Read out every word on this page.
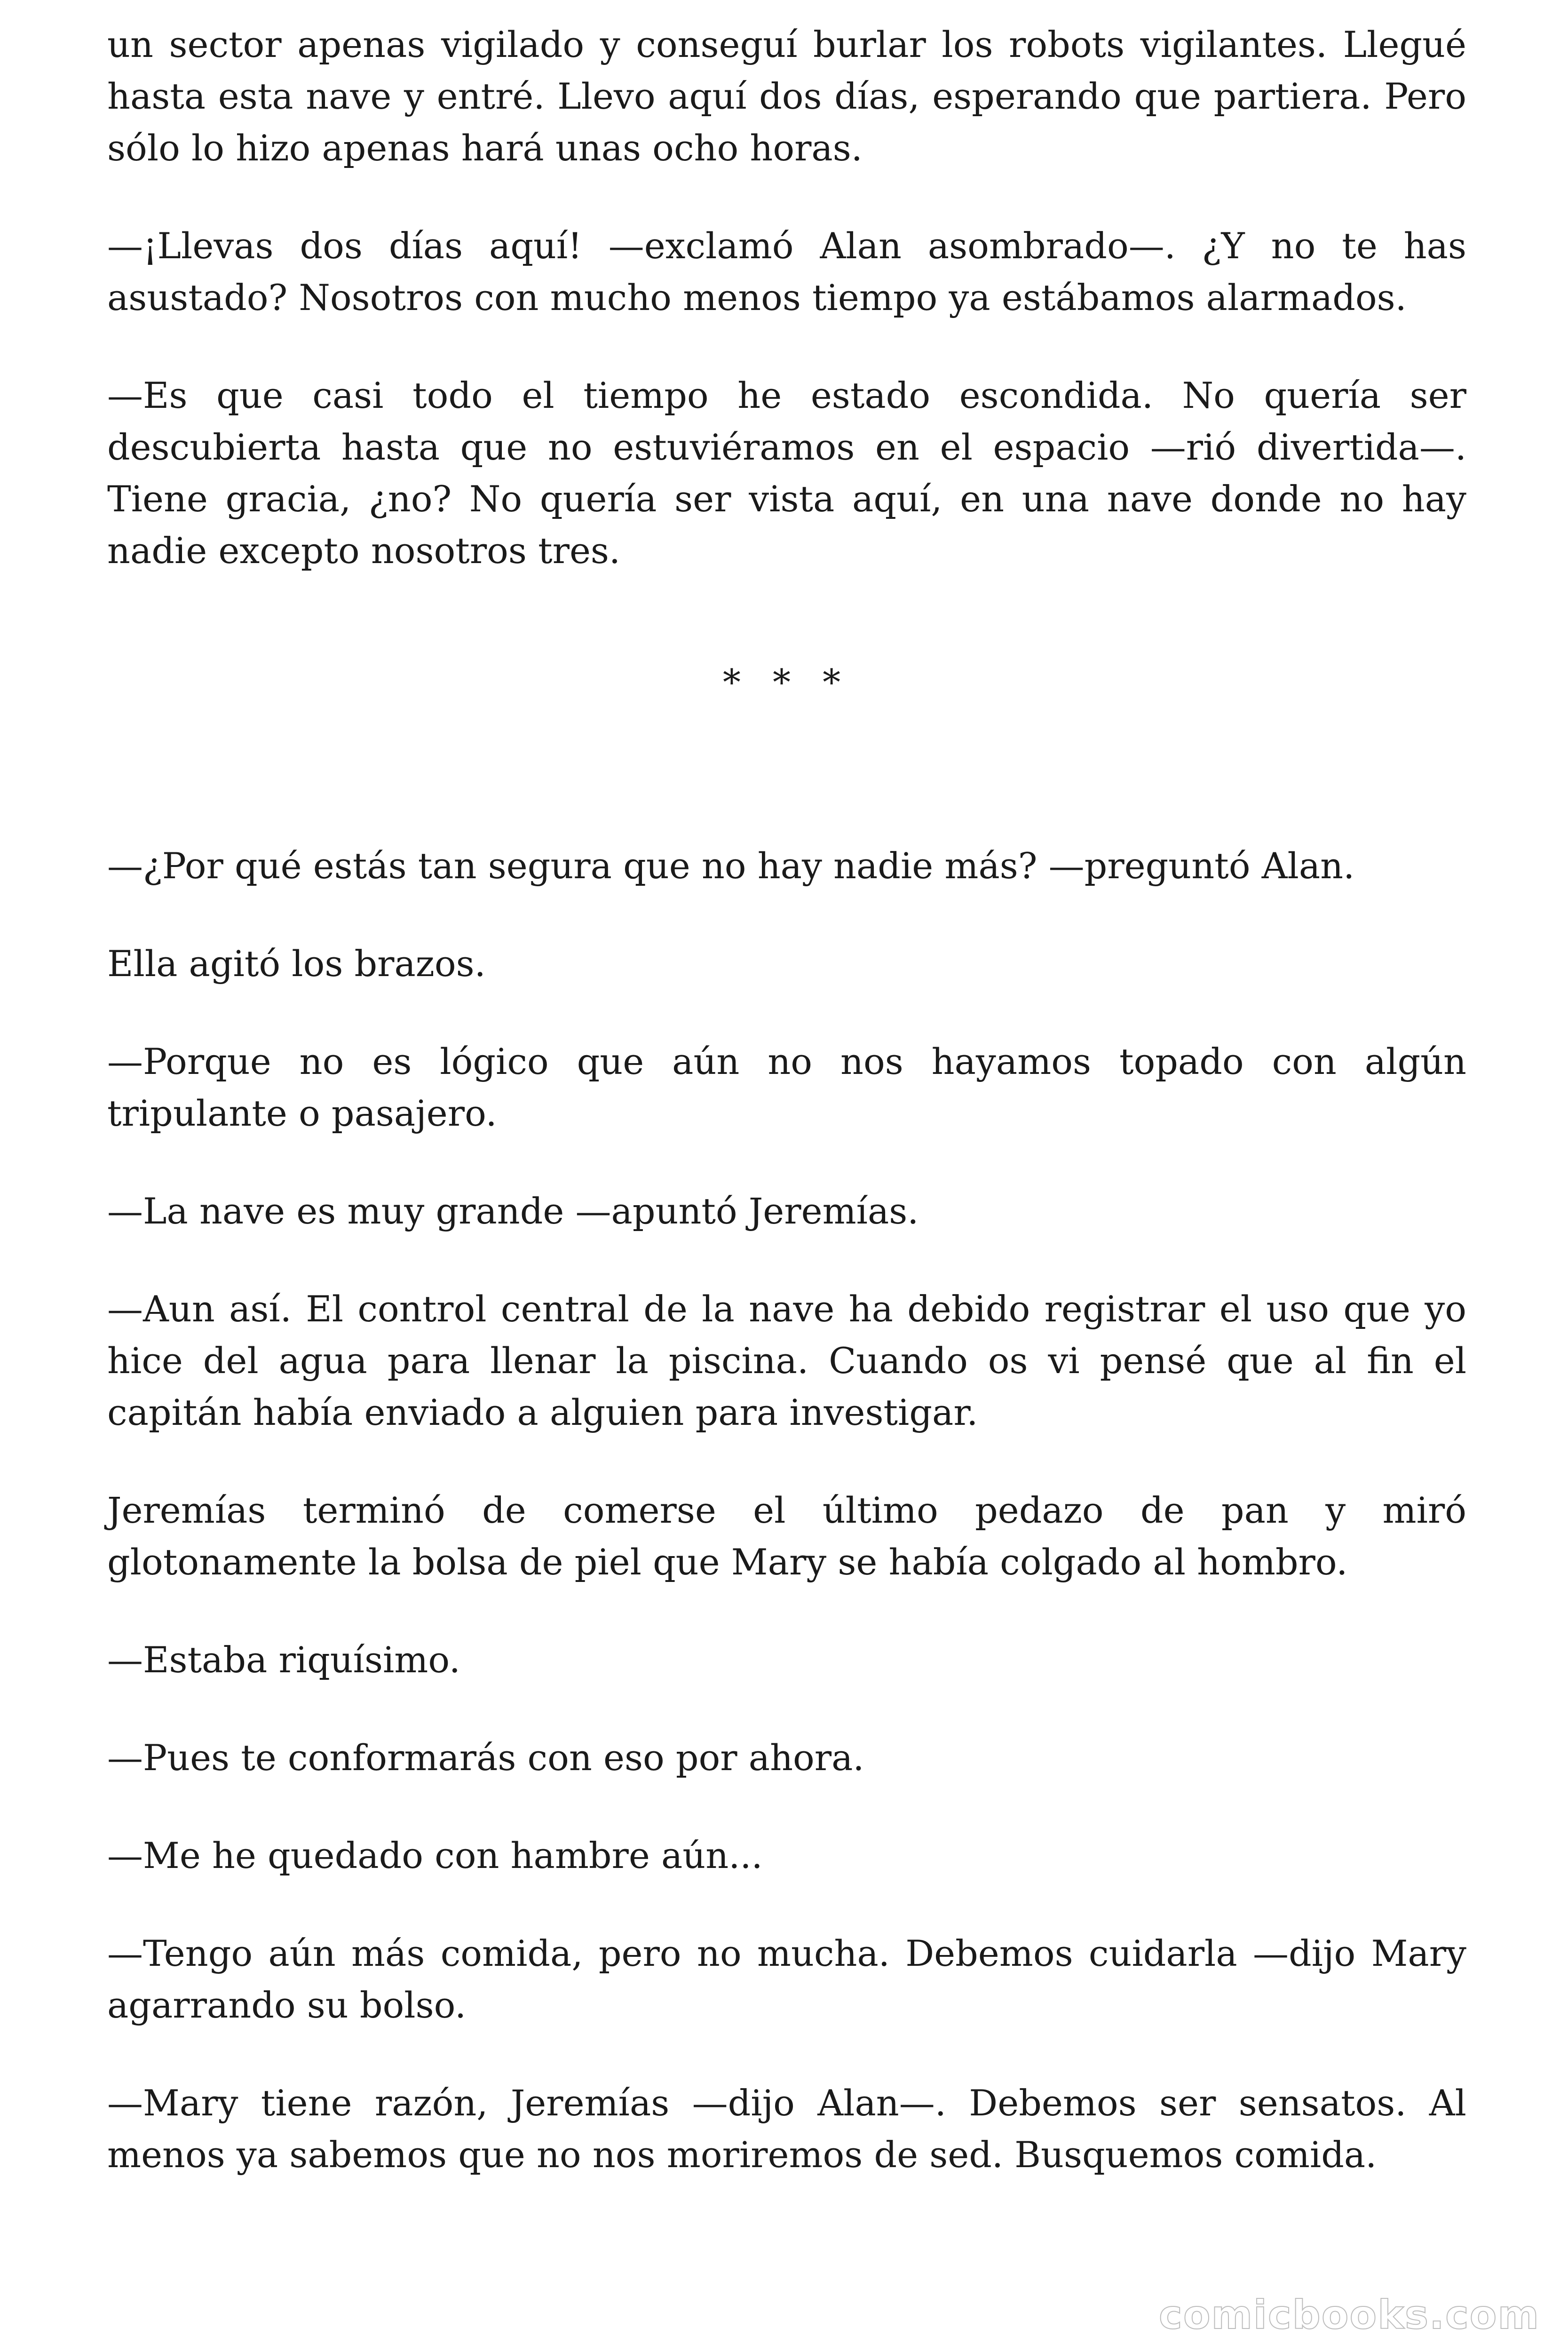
un sector apenas vigilado y conseguí burlar los robots vigilantes. Llegué hasta esta nave y entré. Llevo aquí dos días, esperando que partiera. Pero sólo lo hizo apenas hará unas ocho horas.

—¡Llevas dos días aquí! —exclamó Alan asombrado—. ¿Y no te has asustado? Nosotros con mucho menos tiempo ya estábamos alarmados.

—Es que casi todo el tiempo he estado escondida. No quería ser descubierta hasta que no estuviéramos en el espacio —rió divertida—. Tiene gracia, ¿no? No quería ser vista aquí, en una nave donde no hay nadie excepto nosotros tres.

* * *

—¿Por qué estás tan segura que no hay nadie más? —preguntó Alan.

Ella agitó los brazos.

—Porque no es lógico que aún no nos hayamos topado con algún tripulante o pasajero.

—La nave es muy grande —apuntó Jeremías.

—Aun así. El control central de la nave ha debido registrar el uso que yo hice del agua para llenar la piscina. Cuando os vi pensé que al fin el capitán había enviado a alguien para investigar.

Jeremías terminó de comerse el último pedazo de pan y miró glotonamente la bolsa de piel que Mary se había colgado al hombro.

—Estaba riquísimo.

—Pues te conformarás con eso por ahora.

—Me he quedado con hambre aún...

—Tengo aún más comida, pero no mucha. Debemos cuidarla —dijo Mary agarrando su bolso.

—Mary tiene razón, Jeremías —dijo Alan—. Debemos ser sensatos. Al menos ya sabemos que no nos moriremos de sed. Busquemos comida.

comicbooks.com
